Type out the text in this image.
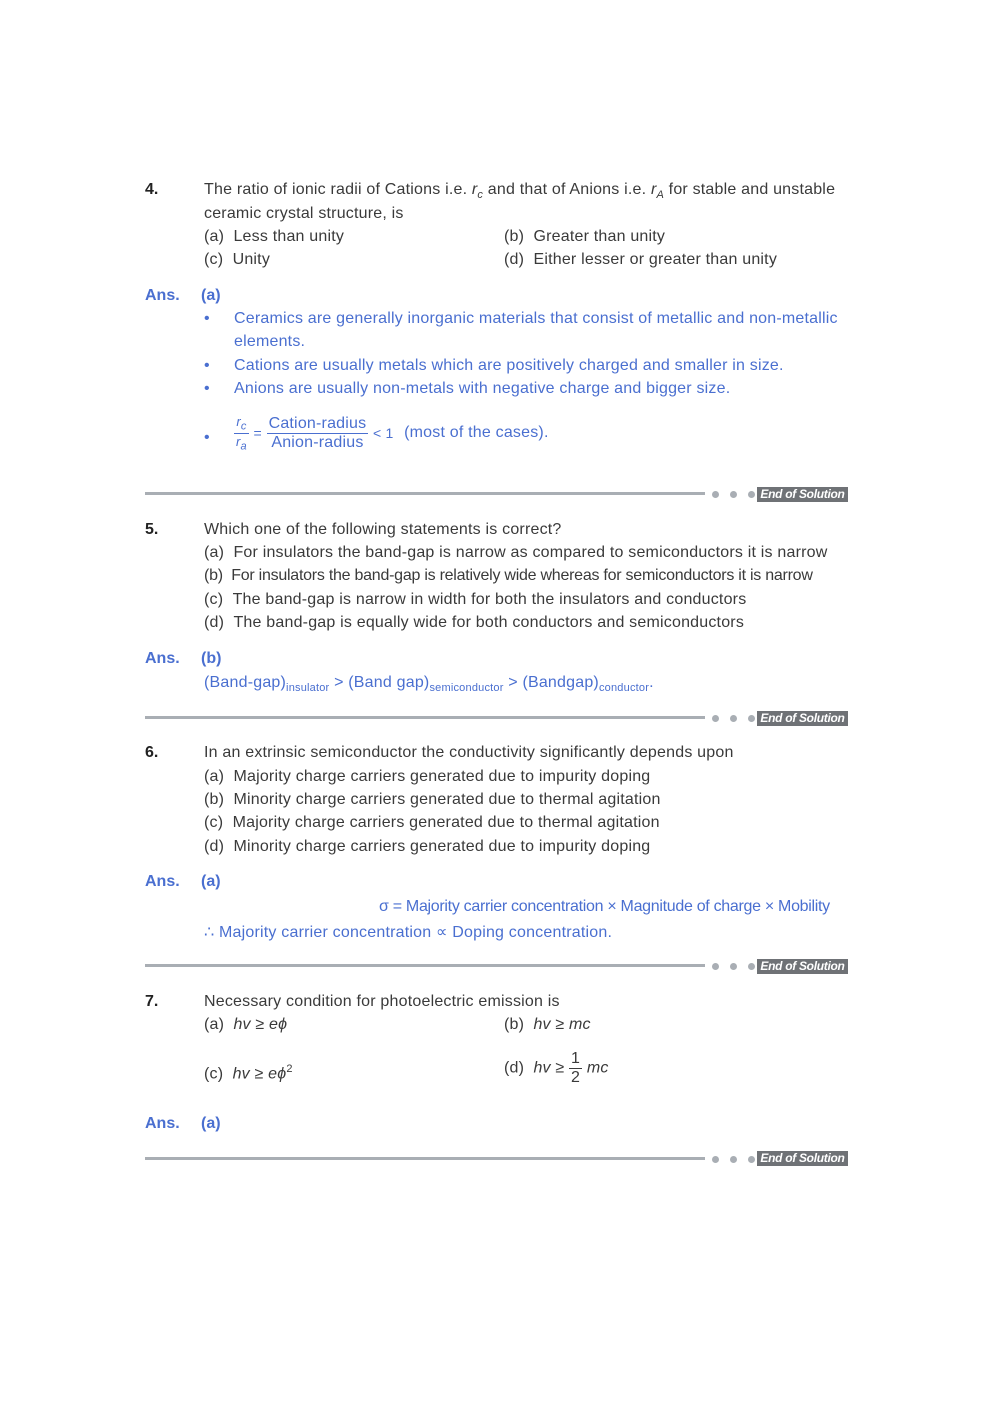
4.	The ratio of ionic radii of Cations i.e. $r_c$ and that of Anions i.e. $r_A$ for stable and unstable
ceramic crystal structure, is
(a) Less than unity	(b) Greater than unity
(c) Unity	(d) Either lesser or greater than unity
Ans. (a)
• Ceramics are generally inorganic materials that consist of metallic and non-metallic
elements.
• Cations are usually metals which are positively charged and smaller in size.
• Anions are usually non-metals with negative charge and bigger size.
• $\frac{r_c}{r_a} = \frac{\text{Cation-radius}}{\text{Anion-radius}} < 1$ (most of the cases).
End of Solution
5.	Which one of the following statements is correct?
(a) For insulators the band-gap is narrow as compared to semiconductors it is narrow
(b) For insulators the band-gap is relatively wide whereas for semiconductors it is narrow
(c) The band-gap is narrow in width for both the insulators and conductors
(d) The band-gap is equally wide for both conductors and semiconductors
Ans. (b)
$(Band-gap)_{insulator}$ > (Band $gap)_{semiconductor}$ > $(Bandgap)_{conductor}$.
End of Solution
6.	In an extrinsic semiconductor the conductivity significantly depends upon
(a) Majority charge carriers generated due to impurity doping
(b) Minority charge carriers generated due to thermal agitation
(c) Majority charge carriers generated due to thermal agitation
(d) Minority charge carriers generated due to impurity doping
Ans. (a)
σ = Majority carrier concentration × Magnitude of charge × Mobility
∴ Majority carrier concentration ∝ Doping concentration.
End of Solution
7.	Necessary condition for photoelectric emission is
(a) hv ≥ eϕ	(b) hv ≥ mc
(c) hv ≥ $e\phi^2$	(d) hv ≥ $\frac{1}{2}$ mc
Ans. (a)
End of Solution
